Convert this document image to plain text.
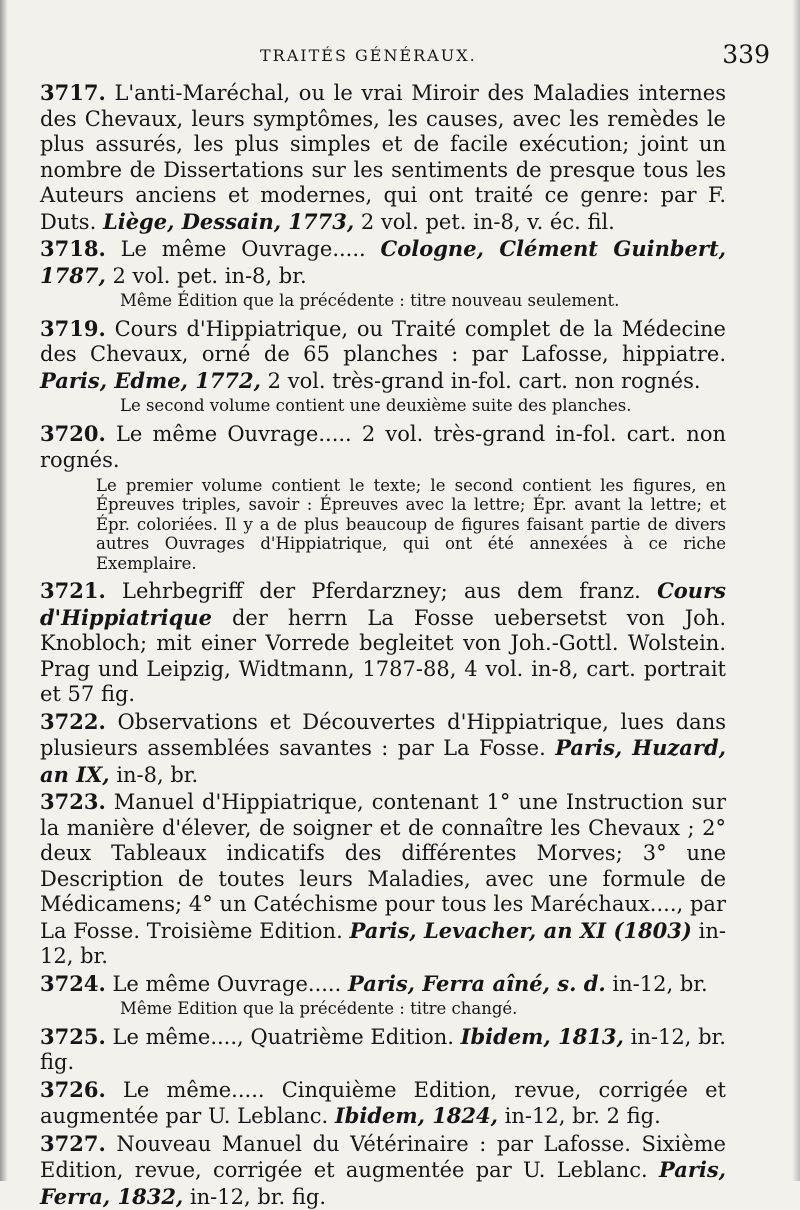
TRAITÉS GÉNÉRAUX.	339
3717. L'anti-Maréchal, ou le vrai Miroir des Maladies internes des Chevaux, leurs symptômes, les causes, avec les remèdes le plus assurés, les plus simples et de facile exécution; joint un nombre de Dissertations sur les sentiments de presque tous les Auteurs anciens et modernes, qui ont traité ce genre: par F. Duts. Liège, Dessain, 1773, 2 vol. pet. in-8, v. éc. fil.
3718. Le même Ouvrage..... Cologne, Clément Guinbert, 1787, 2 vol. pet. in-8, br.
Même Édition que la précédente : titre nouveau seulement.
3719. Cours d'Hippiatrique, ou Traité complet de la Médecine des Chevaux, orné de 65 planches : par Lafosse, hippiatre. Paris, Edme, 1772, 2 vol. très-grand in-fol. cart. non rognés.
Le second volume contient une deuxième suite des planches.
3720. Le même Ouvrage..... 2 vol. très-grand in-fol. cart. non rognés.
Le premier volume contient le texte; le second contient les figures, en Épreuves triples, savoir : Épreuves avec la lettre; Épr. avant la lettre; et Épr. coloriées. Il y a de plus beaucoup de figures faisant partie de divers autres Ouvrages d'Hippiatrique, qui ont été annexées à ce riche Exemplaire.
3721. Lehrbegriff der Pferdarzney; aus dem franz. Cours d'Hippiatrique der herrn La Fosse uebersetst von Joh. Knobloch; mit einer Vorrede begleitet von Joh.-Gottl. Wolstein. Prag und Leipzig, Widtmann, 1787-88, 4 vol. in-8, cart. portrait et 57 fig.
3722. Observations et Découvertes d'Hippiatrique, lues dans plusieurs assemblées savantes : par La Fosse. Paris, Huzard, an IX, in-8, br.
3723. Manuel d'Hippiatrique, contenant 1° une Instruction sur la manière d'élever, de soigner et de connaître les Chevaux ; 2° deux Tableaux indicatifs des différentes Morves; 3° une Description de toutes leurs Maladies, avec une formule de Médicamens; 4° un Catéchisme pour tous les Maréchaux...., par La Fosse. Troisième Edition. Paris, Levacher, an XI (1803) in-12, br.
3724. Le même Ouvrage..... Paris, Ferra aîné, s. d. in-12, br.
Même Edition que la précédente : titre changé.
3725. Le même...., Quatrième Edition. Ibidem, 1813, in-12, br. fig.
3726. Le même..... Cinquième Edition, revue, corrigée et augmentée par U. Leblanc. Ibidem, 1824, in-12, br. 2 fig.
3727. Nouveau Manuel du Vétérinaire : par Lafosse. Sixième Edition, revue, corrigée et augmentée par U. Leblanc. Paris, Ferra, 1832, in-12, br. fig.
